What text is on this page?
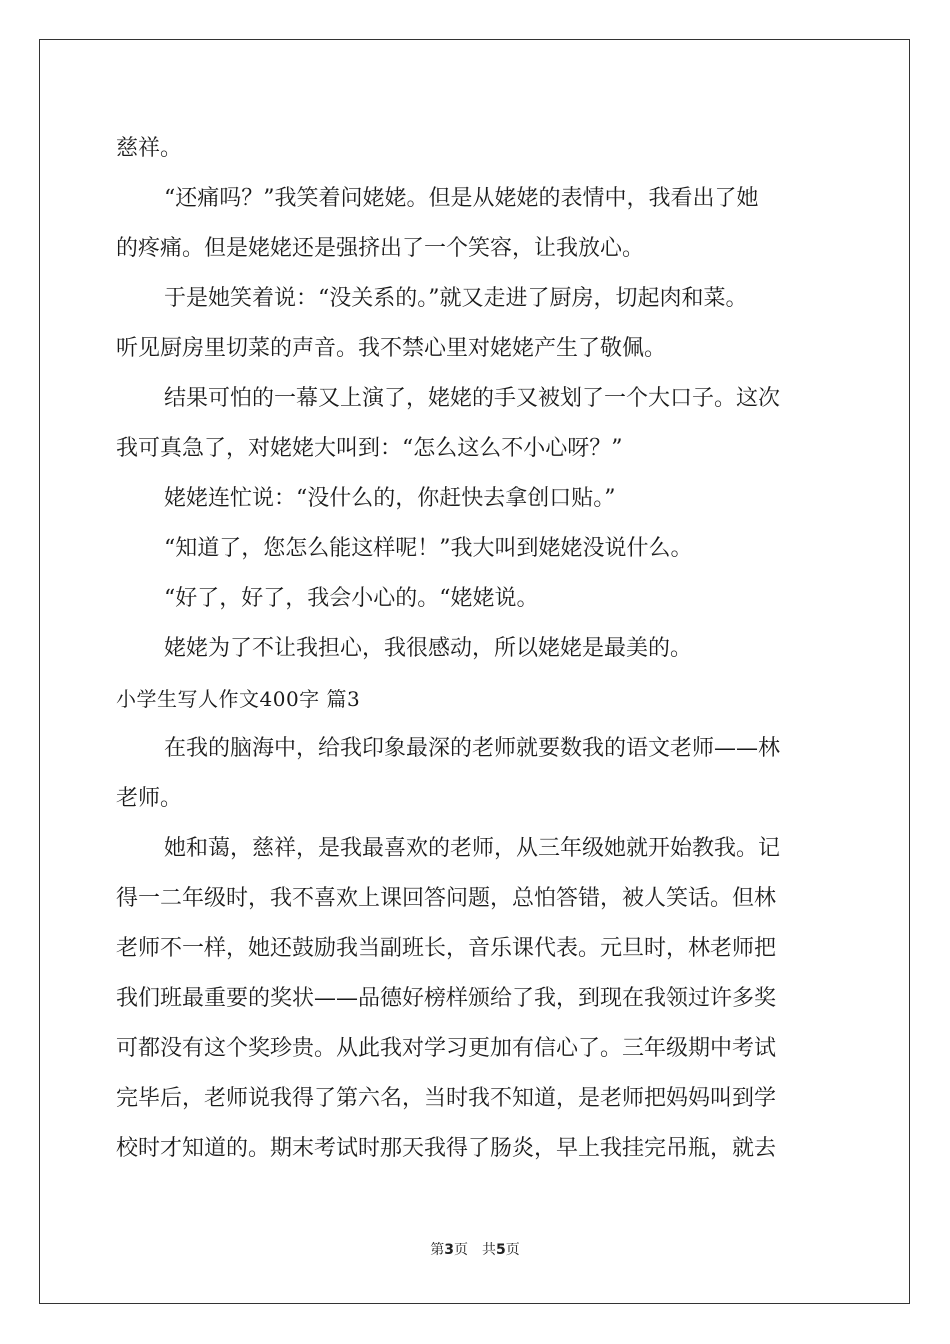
慈祥。

“还痛吗？”我笑着问姥姥。但是从姥姥的表情中，我看出了她

的疼痛。但是姥姥还是强挤出了一个笑容，让我放心。

于是她笑着说：“没关系的。”就又走进了厨房，切起肉和菜。

听见厨房里切菜的声音。我不禁心里对姥姥产生了敬佩。

结果可怕的一幕又上演了，姥姥的手又被划了一个大口子。这次

我可真急了，对姥姥大叫到：“怎么这么不小心呀？”

姥姥连忙说：“没什么的，你赶快去拿创口贴。”

“知道了，您怎么能这样呢！”我大叫到姥姥没说什么。

“好了，好了，我会小心的。“姥姥说。

姥姥为了不让我担心，我很感动，所以姥姥是最美的。

小学生写人作文400字 篇3

在我的脑海中，给我印象最深的老师就要数我的语文老师——林

老师。

她和蔼，慈祥，是我最喜欢的老师，从三年级她就开始教我。记

得一二年级时，我不喜欢上课回答问题，总怕答错，被人笑话。但林

老师不一样，她还鼓励我当副班长，音乐课代表。元旦时，林老师把

我们班最重要的奖状——品德好榜样颁给了我，到现在我领过许多奖

可都没有这个奖珍贵。从此我对学习更加有信心了。三年级期中考试

完毕后，老师说我得了第六名，当时我不知道，是老师把妈妈叫到学

校时才知道的。期末考试时那天我得了肠炎，早上我挂完吊瓶，就去

第3页 共5页
